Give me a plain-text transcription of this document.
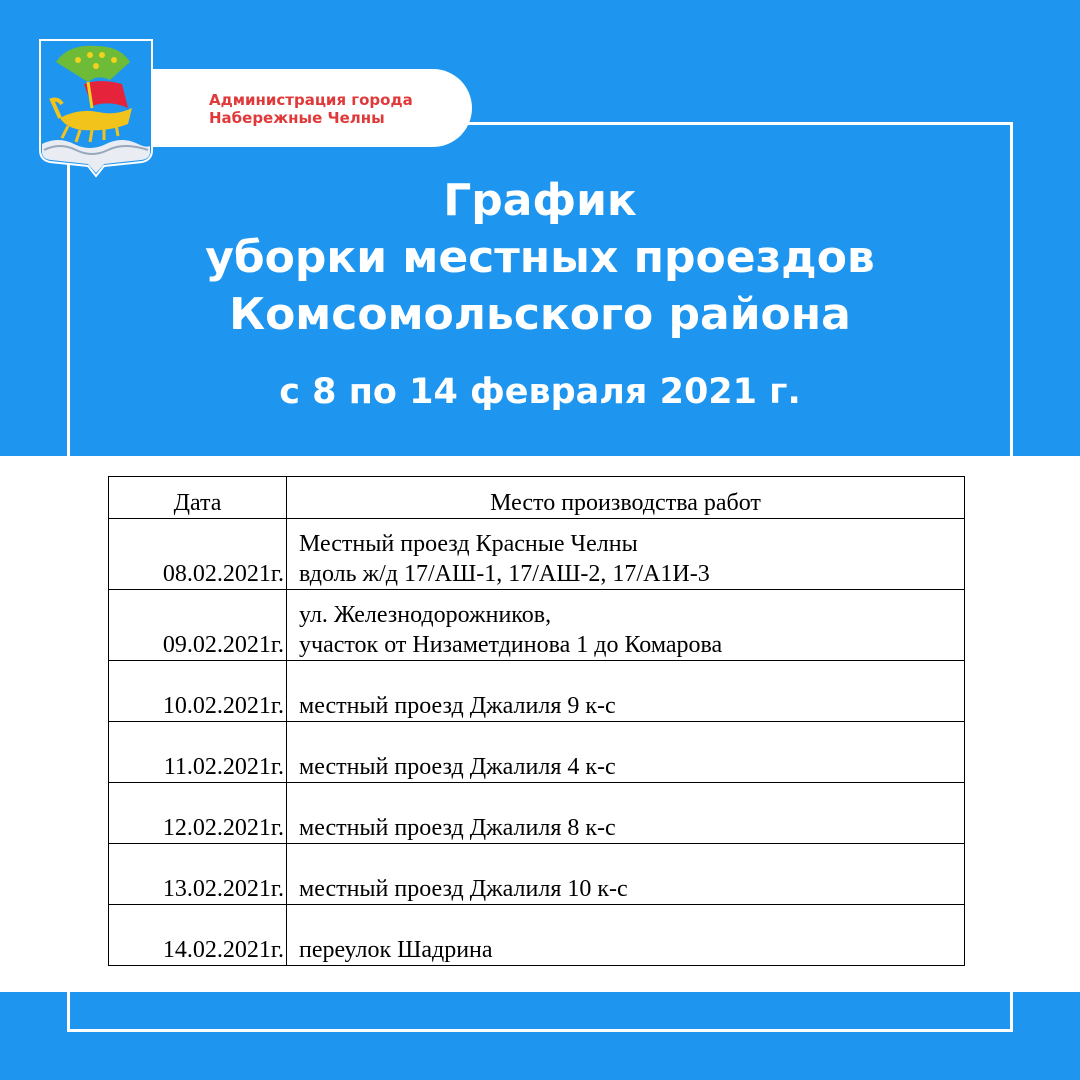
Администрация города
Набережные Челны
График
уборки местных проездов
Комсомольского района
с 8 по 14 февраля 2021 г.
Дата	Место производства работ
08.02.2021г.	Местный проезд Красные Челны
вдоль ж/д 17/АШ-1, 17/АШ-2, 17/А1И-3

09.02.2021г.	ул. Железнодорожников,
участок от Низаметдинова 1 до Комарова

10.02.2021г.	местный проезд Джалиля 9 к-с

11.02.2021г.	местный проезд Джалиля 4 к-с

12.02.2021г.	местный проезд Джалиля 8 к-с

13.02.2021г.	местный проезд Джалиля 10 к-с

14.02.2021г.	переулок Шадрина
